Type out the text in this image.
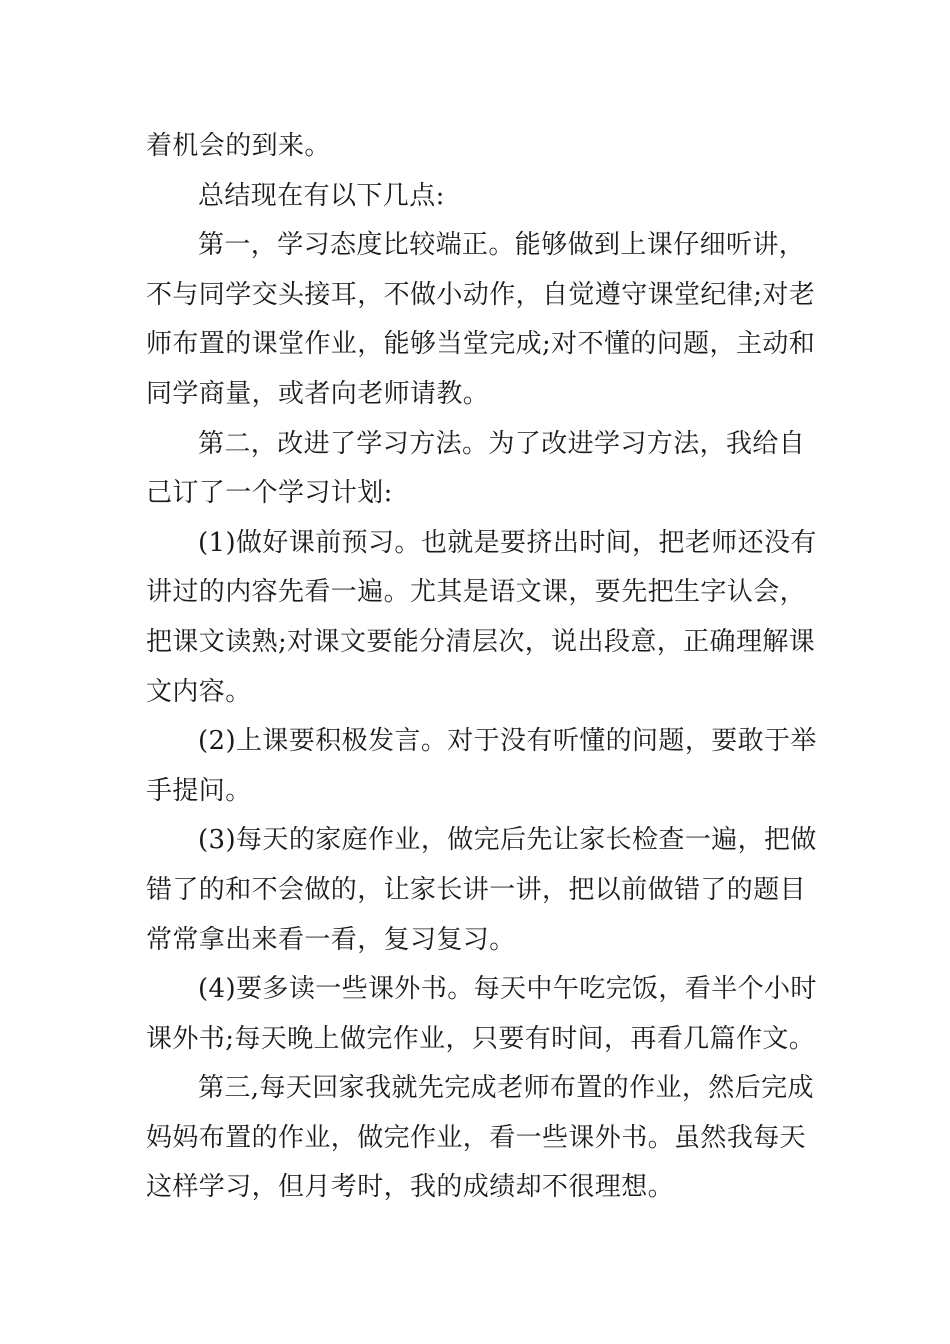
着机会的到来。

总结现在有以下几点:

第一，学习态度比较端正。能够做到上课仔细听讲，
不与同学交头接耳，不做小动作，自觉遵守课堂纪律;对老
师布置的课堂作业，能够当堂完成;对不懂的问题，主动和
同学商量，或者向老师请教。

第二，改进了学习方法。为了改进学习方法，我给自
己订了一个学习计划:

(1)做好课前预习。也就是要挤出时间，把老师还没有
讲过的内容先看一遍。尤其是语文课，要先把生字认会，
把课文读熟;对课文要能分清层次，说出段意，正确理解课
文内容。

(2)上课要积极发言。对于没有听懂的问题，要敢于举
手提问。

(3)每天的家庭作业，做完后先让家长检查一遍，把做
错了的和不会做的，让家长讲一讲，把以前做错了的题目
常常拿出来看一看，复习复习。

(4)要多读一些课外书。每天中午吃完饭，看半个小时
课外书;每天晚上做完作业，只要有时间，再看几篇作文。

第三,每天回家我就先完成老师布置的作业，然后完成
妈妈布置的作业，做完作业，看一些课外书。虽然我每天
这样学习，但月考时，我的成绩却不很理想。
